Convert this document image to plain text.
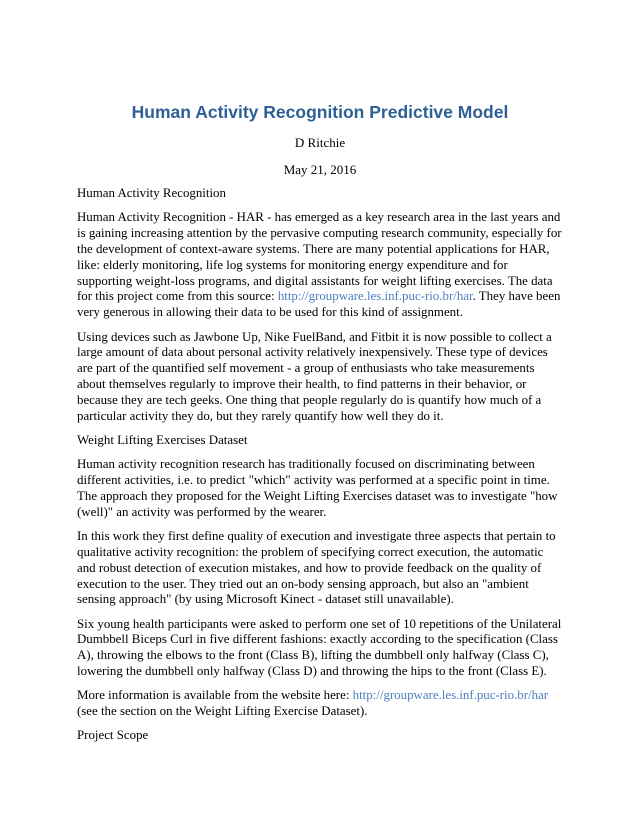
Human Activity Recognition Predictive Model

D Ritchie

May 21, 2016

Human Activity Recognition

Human Activity Recognition - HAR - has emerged as a key research area in the last years and is gaining increasing attention by the pervasive computing research community, especially for the development of context-aware systems. There are many potential applications for HAR, like: elderly monitoring, life log systems for monitoring energy expenditure and for supporting weight-loss programs, and digital assistants for weight lifting exercises. The data for this project come from this source: http://groupware.les.inf.puc-rio.br/har. They have been very generous in allowing their data to be used for this kind of assignment.

Using devices such as Jawbone Up, Nike FuelBand, and Fitbit it is now possible to collect a large amount of data about personal activity relatively inexpensively. These type of devices are part of the quantified self movement - a group of enthusiasts who take measurements about themselves regularly to improve their health, to find patterns in their behavior, or because they are tech geeks. One thing that people regularly do is quantify how much of a particular activity they do, but they rarely quantify how well they do it.

Weight Lifting Exercises Dataset

Human activity recognition research has traditionally focused on discriminating between different activities, i.e. to predict "which" activity was performed at a specific point in time. The approach they proposed for the Weight Lifting Exercises dataset was to investigate "how (well)" an activity was performed by the wearer.

In this work they first define quality of execution and investigate three aspects that pertain to qualitative activity recognition: the problem of specifying correct execution, the automatic and robust detection of execution mistakes, and how to provide feedback on the quality of execution to the user. They tried out an on-body sensing approach, but also an "ambient sensing approach" (by using Microsoft Kinect - dataset still unavailable).

Six young health participants were asked to perform one set of 10 repetitions of the Unilateral Dumbbell Biceps Curl in five different fashions: exactly according to the specification (Class A), throwing the elbows to the front (Class B), lifting the dumbbell only halfway (Class C), lowering the dumbbell only halfway (Class D) and throwing the hips to the front (Class E).

More information is available from the website here: http://groupware.les.inf.puc-rio.br/har (see the section on the Weight Lifting Exercise Dataset).

Project Scope
